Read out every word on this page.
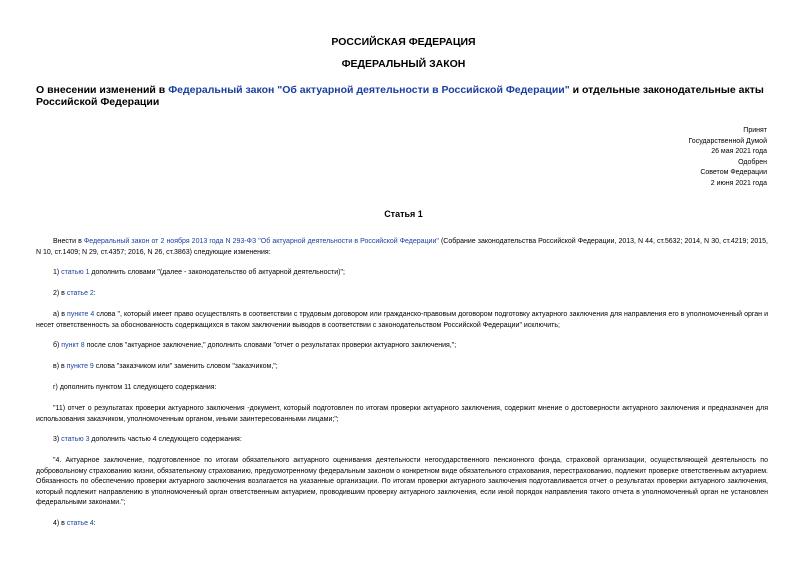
РОССИЙСКАЯ ФЕДЕРАЦИЯ
ФЕДЕРАЛЬНЫЙ ЗАКОН
О внесении изменений в Федеральный закон "Об актуарной деятельности в Российской Федерации" и отдельные законодательные акты Российской Федерации
Принят
Государственной Думой
26 мая 2021 года
Одобрен
Советом Федерации
2 июня 2021 года
Статья 1
Внести в Федеральный закон от 2 ноября 2013 года N 293-ФЗ "Об актуарной деятельности в Российской Федерации" (Собрание законодательства Российской Федерации, 2013, N 44, ст.5632; 2014, N 30, ст.4219; 2015, N 10, ст.1409; N 29, ст.4357; 2016, N 26, ст.3863) следующие изменения:
1) статью 1 дополнить словами "(далее - законодательство об актуарной деятельности)";
2) в статье 2:
а) в пункте 4 слова ", который имеет право осуществлять в соответствии с трудовым договором или гражданско-правовым договором подготовку актуарного заключения для направления его в уполномоченный орган и несет ответственность за обоснованность содержащихся в таком заключении выводов в соответствии с законодательством Российской Федерации" исключить;
б) пункт 8 после слов "актуарное заключение," дополнить словами "отчет о результатах проверки актуарного заключения,";
в) в пункте 9 слова "заказчиком или" заменить словом "заказчиком,";
г) дополнить пунктом 11 следующего содержания:
"11) отчет о результатах проверки актуарного заключения -документ, который подготовлен по итогам проверки актуарного заключения, содержит мнение о достоверности актуарного заключения и предназначен для использования заказчиком, уполномоченным органом, иными заинтересованными лицами;";
3) статью 3 дополнить частью 4 следующего содержания:
"4. Актуарное заключение, подготовленное по итогам обязательного актуарного оценивания деятельности негосударственного пенсионного фонда, страховой организации, осуществляющей деятельность по добровольному страхованию жизни, обязательному страхованию, предусмотренному федеральным законом о конкретном виде обязательного страхования, перестрахованию, подлежит проверке ответственным актуарием. Обязанность по обеспечению проверки актуарного заключения возлагается на указанные организации. По итогам проверки актуарного заключения подготавливается отчет о результатах проверки актуарного заключения, который подлежит направлению в уполномоченный орган ответственным актуарием, проводившим проверку актуарного заключения, если иной порядок направления такого отчета в уполномоченный орган не установлен федеральными законами.";
4) в статье 4:
